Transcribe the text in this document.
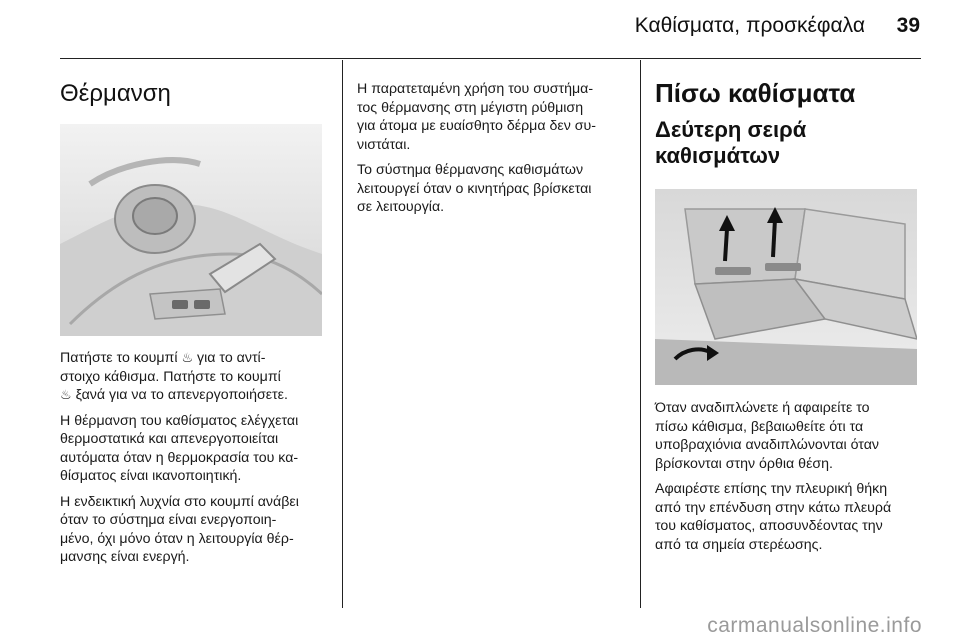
Καθίσματα, προσκέφαλα 39
Θέρμανση

Πατήστε το κουμπί ♨ για το αντί-
στοιχο κάθισμα. Πατήστε το κουμπί
♨ ξανά για να το απενεργοποιήσετε.

Η θέρμανση του καθίσματος ελέγχεται
θερμοστατικά και απενεργοποιείται
αυτόματα όταν η θερμοκρασία του κα-
θίσματος είναι ικανοποιητική.

Η ενδεικτική λυχνία στο κουμπί ανάβει
όταν το σύστημα είναι ενεργοποιη-
μένο, όχι μόνο όταν η λειτουργία θέρ-
μανσης είναι ενεργή.

Η παρατεταμένη χρήση του συστήμα-
τος θέρμανσης στη μέγιστη ρύθμιση
για άτομα με ευαίσθητο δέρμα δεν συ-
νιστάται.

Το σύστημα θέρμανσης καθισμάτων
λειτουργεί όταν ο κινητήρας βρίσκεται
σε λειτουργία.

Πίσω καθίσματα
Δεύτερη σειρά καθισμάτων

Όταν αναδιπλώνετε ή αφαιρείτε το
πίσω κάθισμα, βεβαιωθείτε ότι τα
υποβραχιόνια αναδιπλώνονται όταν
βρίσκονται στην όρθια θέση.

Αφαιρέστε επίσης την πλευρική θήκη
από την επένδυση στην κάτω πλευρά
του καθίσματος, αποσυνδέοντας την
από τα σημεία στερέωσης.

carmanualsonline.info
